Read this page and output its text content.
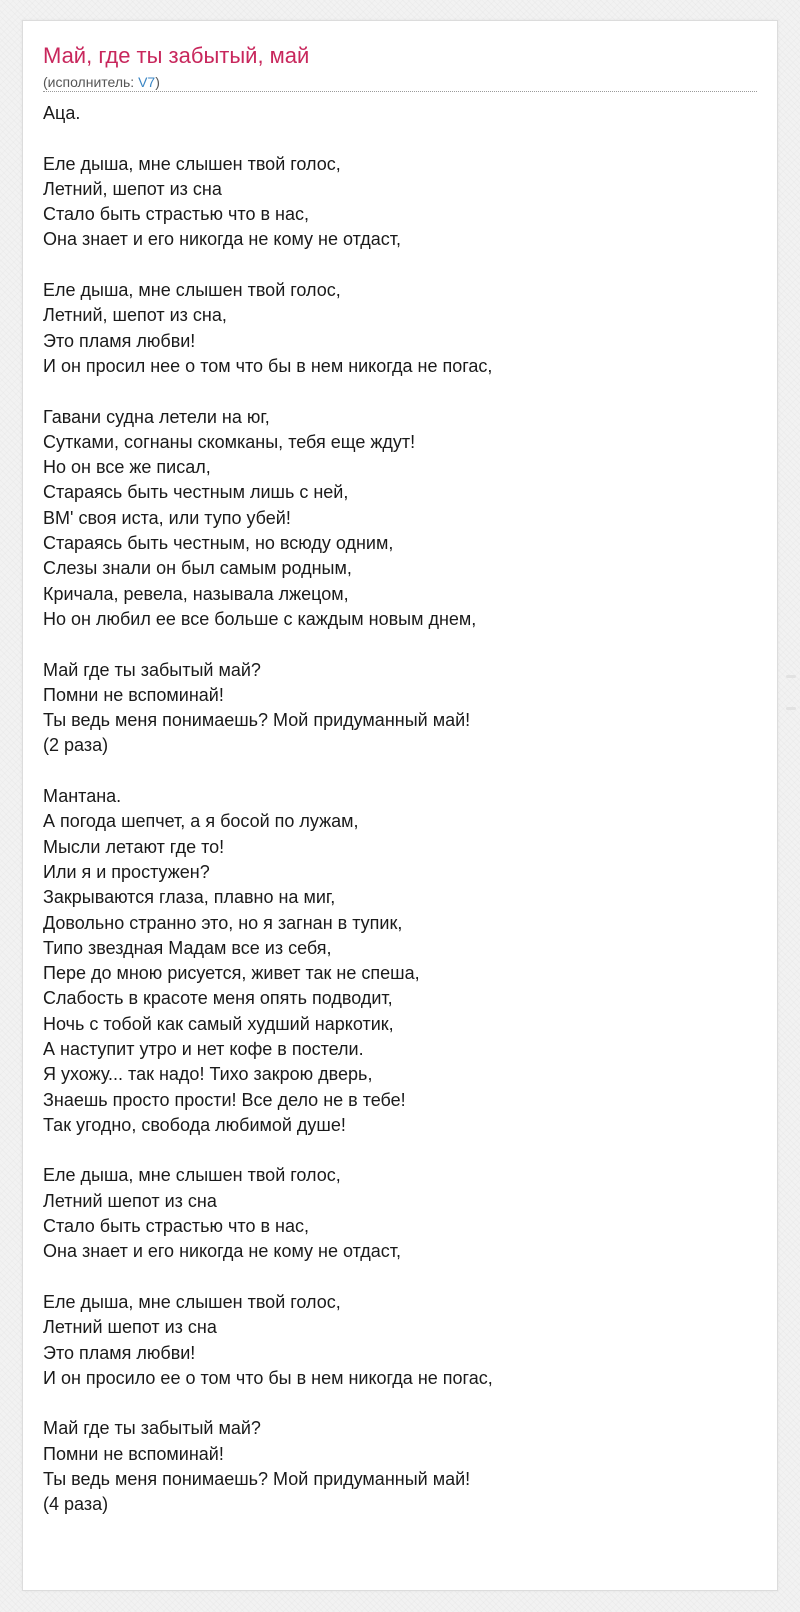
Май, где ты забытый, май
(исполнитель: V7)
Аца.
Еле дыша, мне слышен твой голос,
Летний, шепот из сна
Стало быть страстью что в нас,
Она знает и его никогда не кому не отдаст,
Еле дыша, мне слышен твой голос,
Летний, шепот из сна,
Это пламя любви!
И он просил нее о том что бы в нем никогда не погас,
Гавани судна летели на юг,
Сутками, согнаны скомканы, тебя еще ждут!
Но он все же писал,
Стараясь быть честным лишь с ней,
ВМ' своя иста, или тупо убей!
Стараясь быть честным, но всюду одним,
Слезы знали он был самым родным,
Кричала, ревела, называла лжецом,
Но он любил ее все больше с каждым новым днем,
Май где ты забытый май?
Помни не вспоминай!
Ты ведь меня понимаешь? Мой придуманный май!
(2 раза)
Мантана.
А погода шепчет, а я босой по лужам,
Мысли летают где то!
Или я и простужен?
Закрываются глаза, плавно на миг,
Довольно странно это, но я загнан в тупик,
Типо звездная Мадам все из себя,
Пере до мною рисуется, живет так не спеша,
Слабость в красоте меня опять подводит,
Ночь с тобой как самый худший наркотик,
А наступит утро и нет кофе в постели.
Я ухожу... так надо! Тихо закрою дверь,
Знаешь просто прости! Все дело не в тебе!
Так угодно, свобода любимой душе!
Еле дыша, мне слышен твой голос,
Летний шепот из сна
Стало быть страстью что в нас,
Она знает и его никогда не кому не отдаст,
Еле дыша, мне слышен твой голос,
Летний шепот из сна
Это пламя любви!
И он просило ее о том что бы в нем никогда не погас,
Май где ты забытый май?
Помни не вспоминай!
Ты ведь меня понимаешь? Мой придуманный май!
(4 раза)
